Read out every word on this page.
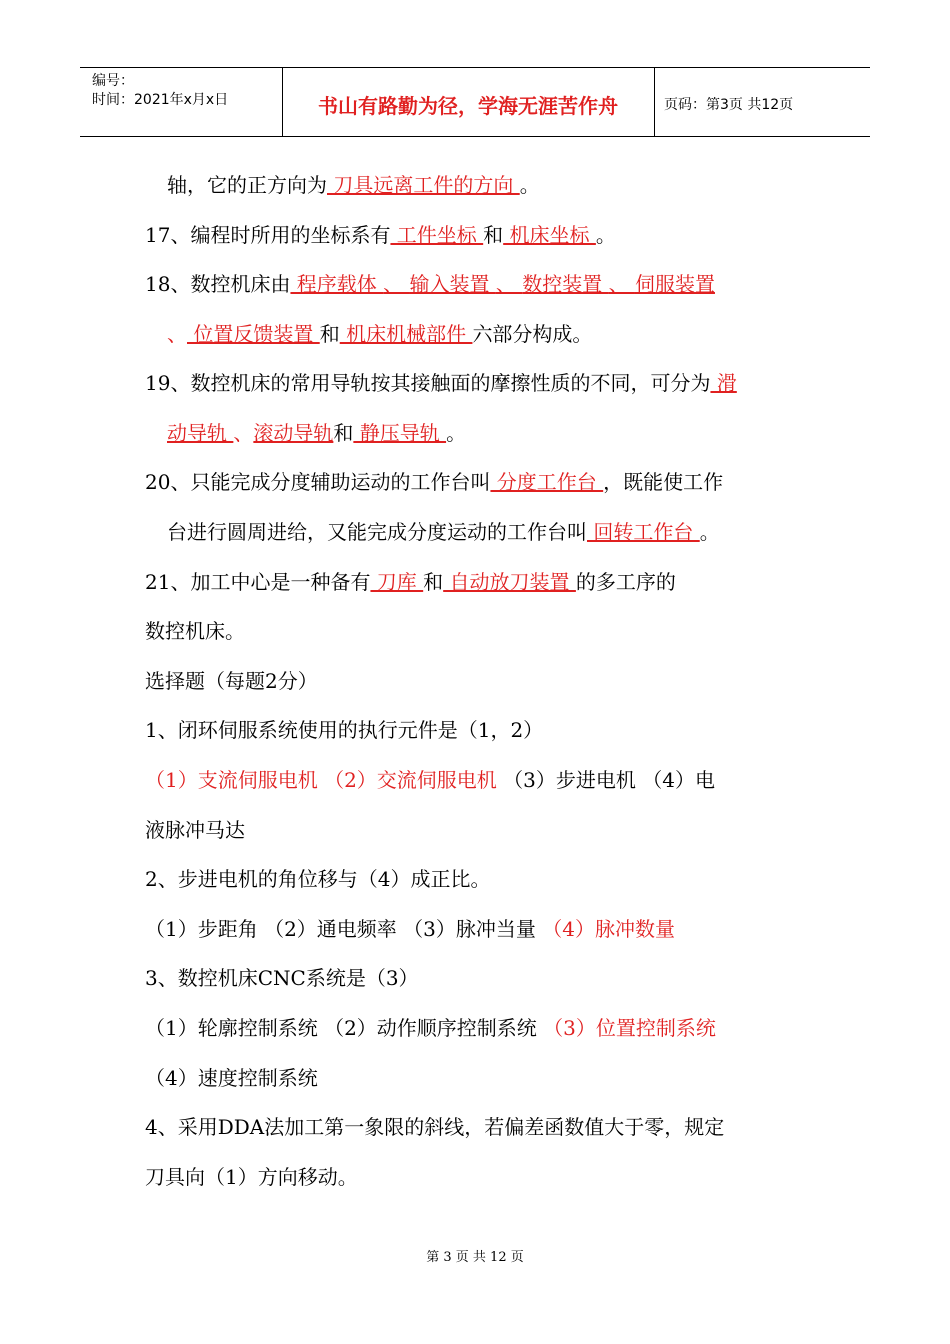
编号：
时间：2021年x月x日	书山有路勤为径，学海无涯苦作舟	页码：第3页 共12页
轴，它的正方向为 刀具远离工件的方向 。
17、编程时所用的坐标系有 工件坐标 和 机床坐标 。
18、数控机床由 程序载体 、 输入装置 、 数控装置 、 伺服装置
、 位置反馈装置 和 机床机械部件 六部分构成。
19、数控机床的常用导轨按其接触面的摩擦性质的不同，可分为 滑
动导轨 、滚动导轨和 静压导轨 。
20、只能完成分度辅助运动的工作台叫 分度工作台 ，既能使工作
台进行圆周进给，又能完成分度运动的工作台叫 回转工作台 。
21、加工中心是一种备有 刀库 和 自动放刀装置 的多工序的
数控机床。
选择题（每题2分）
1、闭环伺服系统使用的执行元件是（1，2）
（1）支流伺服电机 （2）交流伺服电机 （3）步进电机 （4）电
液脉冲马达
2、步进电机的角位移与（4）成正比。
（1）步距角 （2）通电频率 （3）脉冲当量 （4）脉冲数量
3、数控机床CNC系统是（3）
（1）轮廓控制系统 （2）动作顺序控制系统 （3）位置控制系统
（4）速度控制系统
4、采用DDA法加工第一象限的斜线，若偏差函数值大于零，规定
刀具向（1）方向移动。
第 3 页 共 12 页
